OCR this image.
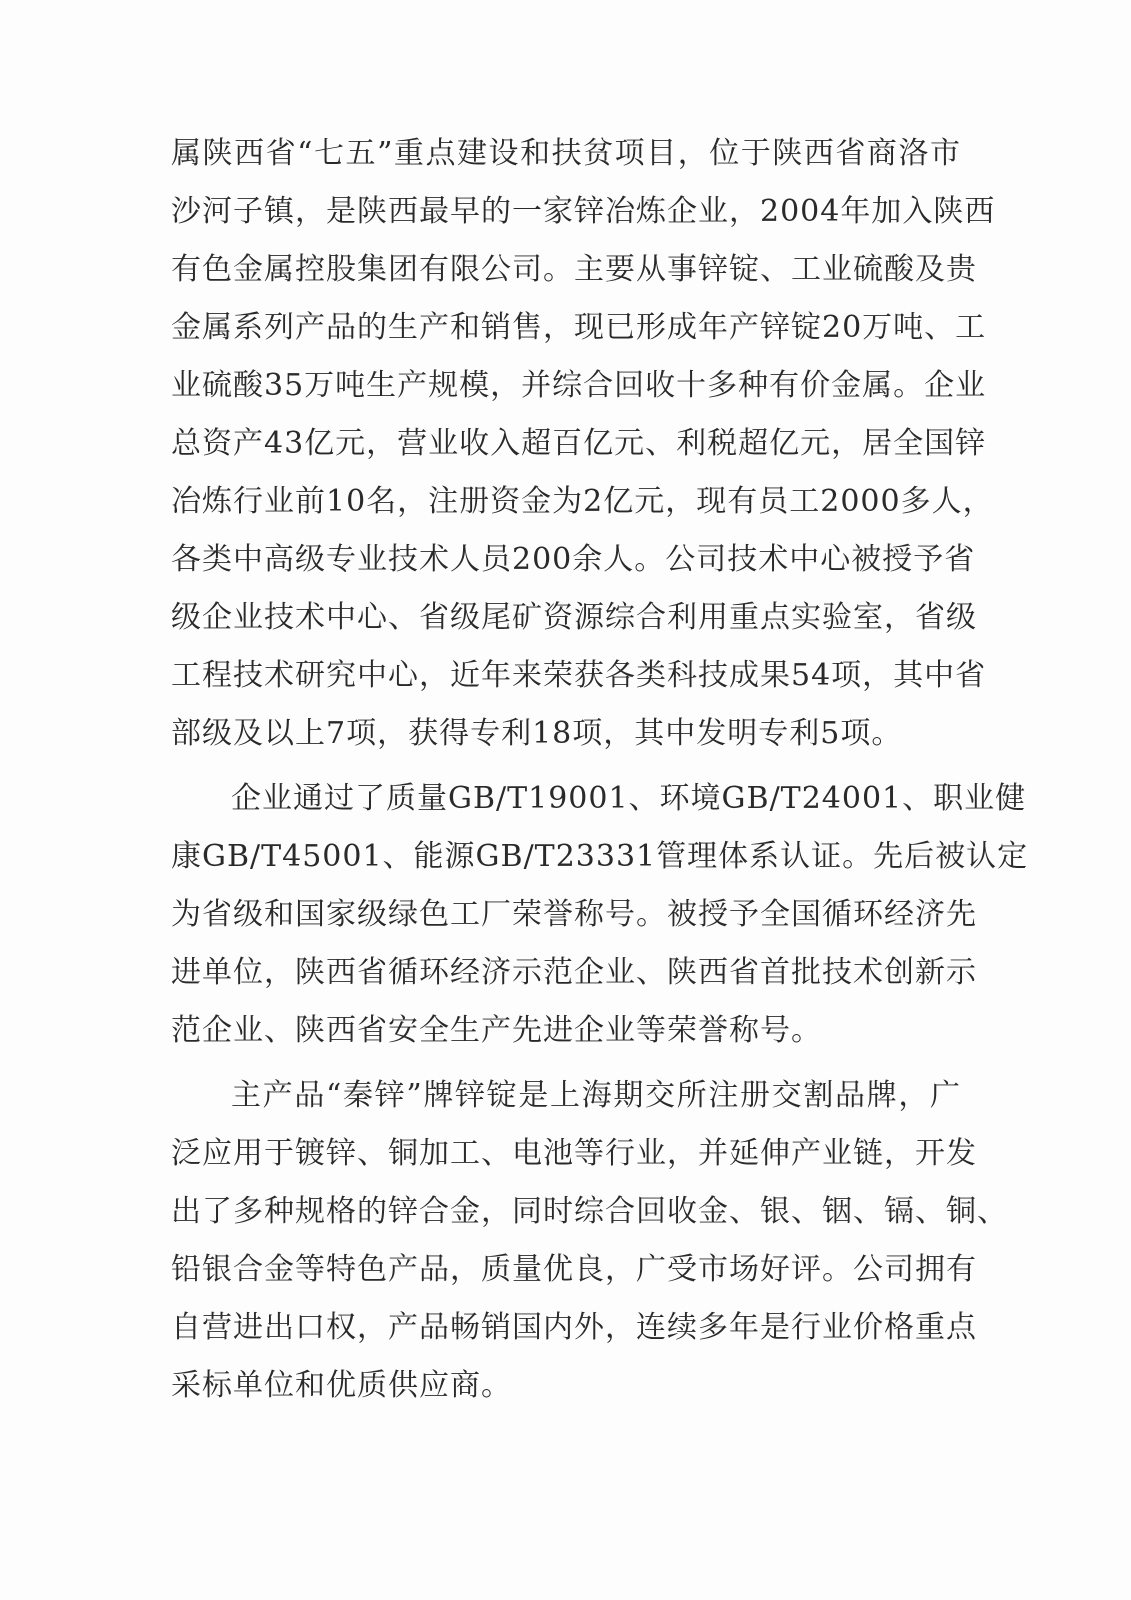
属陕西省“七五”重点建设和扶贫项目，位于陕西省商洛市
沙河子镇，是陕西最早的一家锌冶炼企业，2004年加入陕西
有色金属控股集团有限公司。主要从事锌锭、工业硫酸及贵
金属系列产品的生产和销售，现已形成年产锌锭20万吨、工
业硫酸35万吨生产规模，并综合回收十多种有价金属。企业
总资产43亿元，营业收入超百亿元、利税超亿元，居全国锌
冶炼行业前10名，注册资金为2亿元，现有员工2000多人，
各类中高级专业技术人员200余人。公司技术中心被授予省
级企业技术中心、省级尾矿资源综合利用重点实验室，省级
工程技术研究中心，近年来荣获各类科技成果54项，其中省
部级及以上7项，获得专利18项，其中发明专利5项。
企业通过了质量GB/T19001、环境GB/T24001、职业健
康GB/T45001、能源GB/T23331管理体系认证。先后被认定
为省级和国家级绿色工厂荣誉称号。被授予全国循环经济先
进单位，陕西省循环经济示范企业、陕西省首批技术创新示
范企业、陕西省安全生产先进企业等荣誉称号。
主产品“秦锌”牌锌锭是上海期交所注册交割品牌，广
泛应用于镀锌、铜加工、电池等行业，并延伸产业链，开发
出了多种规格的锌合金，同时综合回收金、银、铟、镉、铜、
铅银合金等特色产品，质量优良，广受市场好评。公司拥有
自营进出口权，产品畅销国内外，连续多年是行业价格重点
采标单位和优质供应商。
